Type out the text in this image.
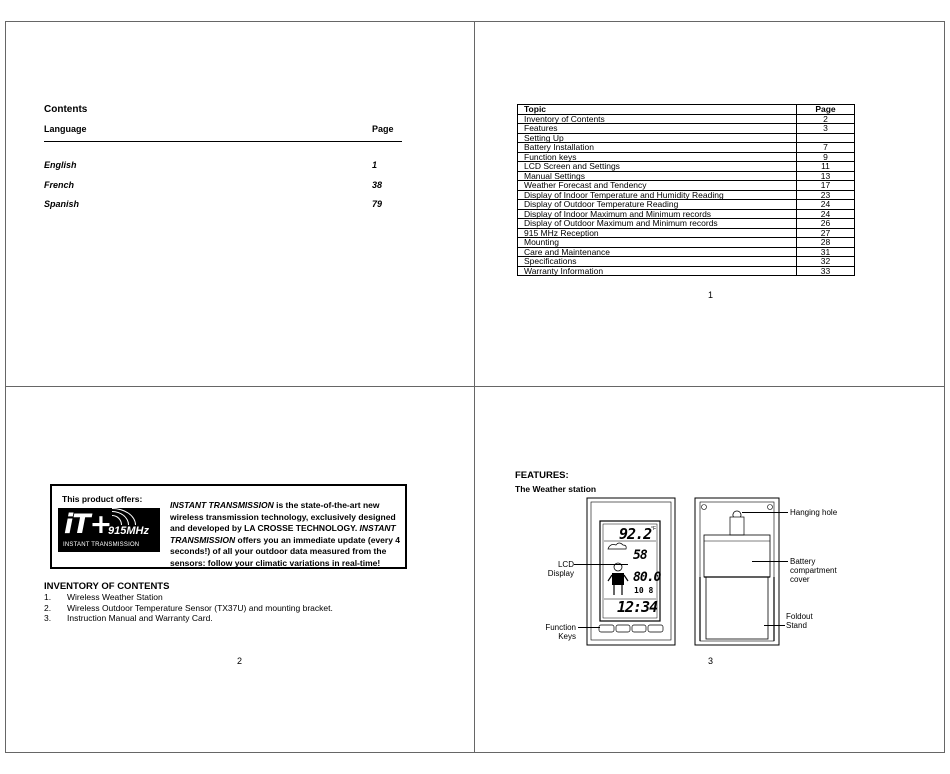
Contents
Language	Page
English	1
French	38
Spanish	79
Topic	Page
Inventory of Contents	2
Features	3
Setting Up	
Battery Installation	7
Function keys	9
LCD Screen and Settings	11
Manual Settings	13
Weather Forecast and Tendency	17
Display of Indoor Temperature and Humidity Reading	23
Display of Outdoor Temperature Reading	24
Display of Indoor Maximum and Minimum records	24
Display of Outdoor Maximum and Minimum records	26
915 MHz Reception	27
Mounting	28
Care and Maintenance	31
Specifications	32
Warranty Information	33
1
This product offers:
iT+
915MHz
INSTANT TRANSMISSION
INSTANT TRANSMISSION is the state-of-the-art new wireless transmission technology, exclusively designed and developed by LA CROSSE TECHNOLOGY. INSTANT TRANSMISSION offers you an immediate update (every 4 seconds!) of all your outdoor data measured from the sensors: follow your climatic variations in real-time!
INVENTORY OF CONTENTS
1. Wireless Weather Station
2. Wireless Outdoor Temperature Sensor (TX37U) and mounting bracket.
3. Instruction Manual and Warranty Card.
2
FEATURES:
The Weather station
92.2 °F
58
80.0
10 8
12:34
LCD
Display
Function
Keys
Hanging hole
Battery
compartment
cover
Foldout
Stand
3
